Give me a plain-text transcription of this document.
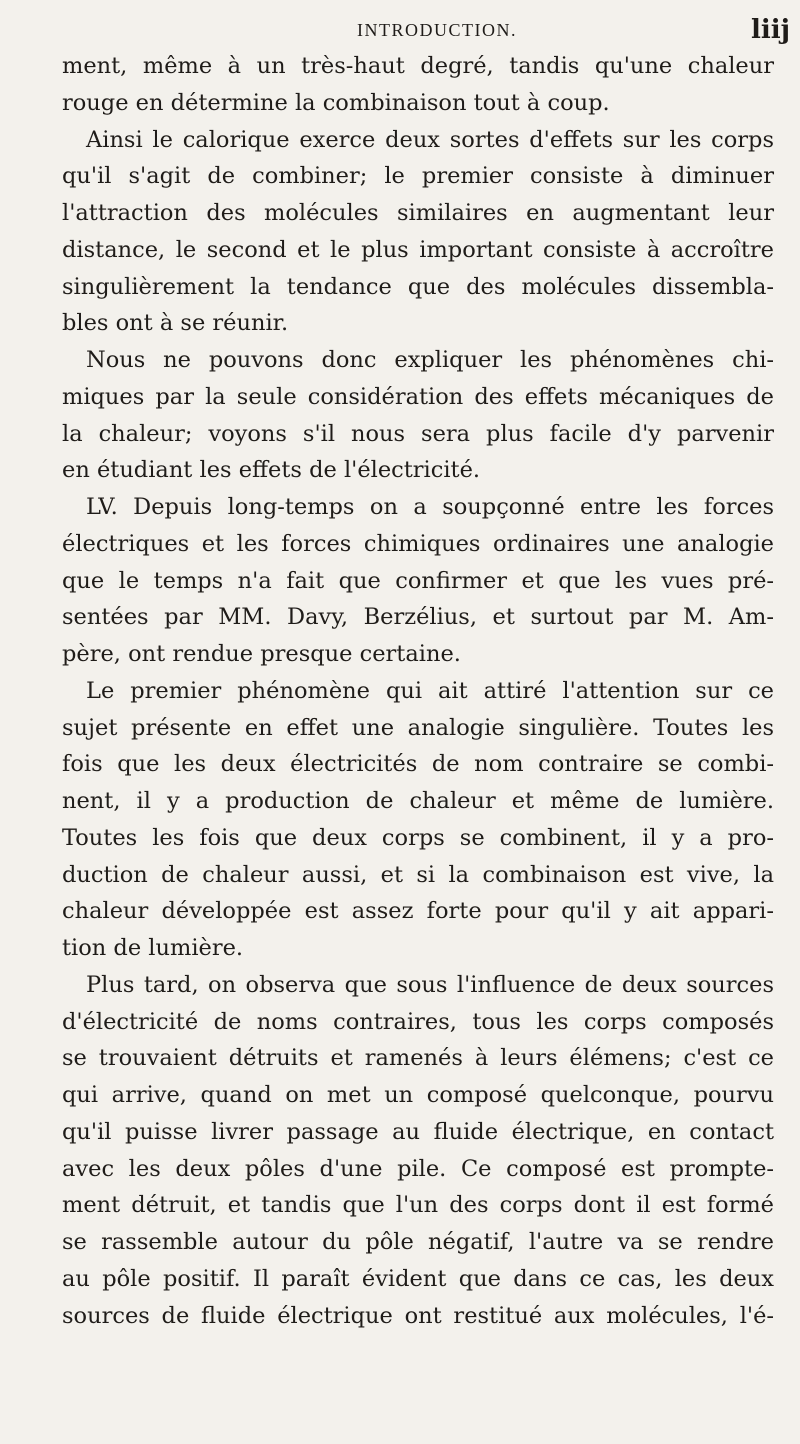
INTRODUCTION.	liij
ment, même à un très-haut degré, tandis qu'une chaleur
rouge en détermine la combinaison tout à coup.
Ainsi le calorique exerce deux sortes d'effets sur les corps
qu'il s'agit de combiner; le premier consiste à diminuer
l'attraction des molécules similaires en augmentant leur
distance, le second et le plus important consiste à accroître
singulièrement la tendance que des molécules dissembla-
bles ont à se réunir.
Nous ne pouvons donc expliquer les phénomènes chi-
miques par la seule considération des effets mécaniques de
la chaleur; voyons s'il nous sera plus facile d'y parvenir
en étudiant les effets de l'électricité.
LV. Depuis long-temps on a soupçonné entre les forces
électriques et les forces chimiques ordinaires une analogie
que le temps n'a fait que confirmer et que les vues pré-
sentées par MM. Davy, Berzélius, et surtout par M. Am-
père, ont rendue presque certaine.
Le premier phénomène qui ait attiré l'attention sur ce
sujet présente en effet une analogie singulière. Toutes les
fois que les deux électricités de nom contraire se combi-
nent, il y a production de chaleur et même de lumière.
Toutes les fois que deux corps se combinent, il y a pro-
duction de chaleur aussi, et si la combinaison est vive, la
chaleur développée est assez forte pour qu'il y ait appari-
tion de lumière.
Plus tard, on observa que sous l'influence de deux sources
d'électricité de noms contraires, tous les corps composés
se trouvaient détruits et ramenés à leurs élémens; c'est ce
qui arrive, quand on met un composé quelconque, pourvu
qu'il puisse livrer passage au fluide électrique, en contact
avec les deux pôles d'une pile. Ce composé est prompte-
ment détruit, et tandis que l'un des corps dont il est formé
se rassemble autour du pôle négatif, l'autre va se rendre
au pôle positif. Il paraît évident que dans ce cas, les deux
sources de fluide électrique ont restitué aux molécules, l'é-
